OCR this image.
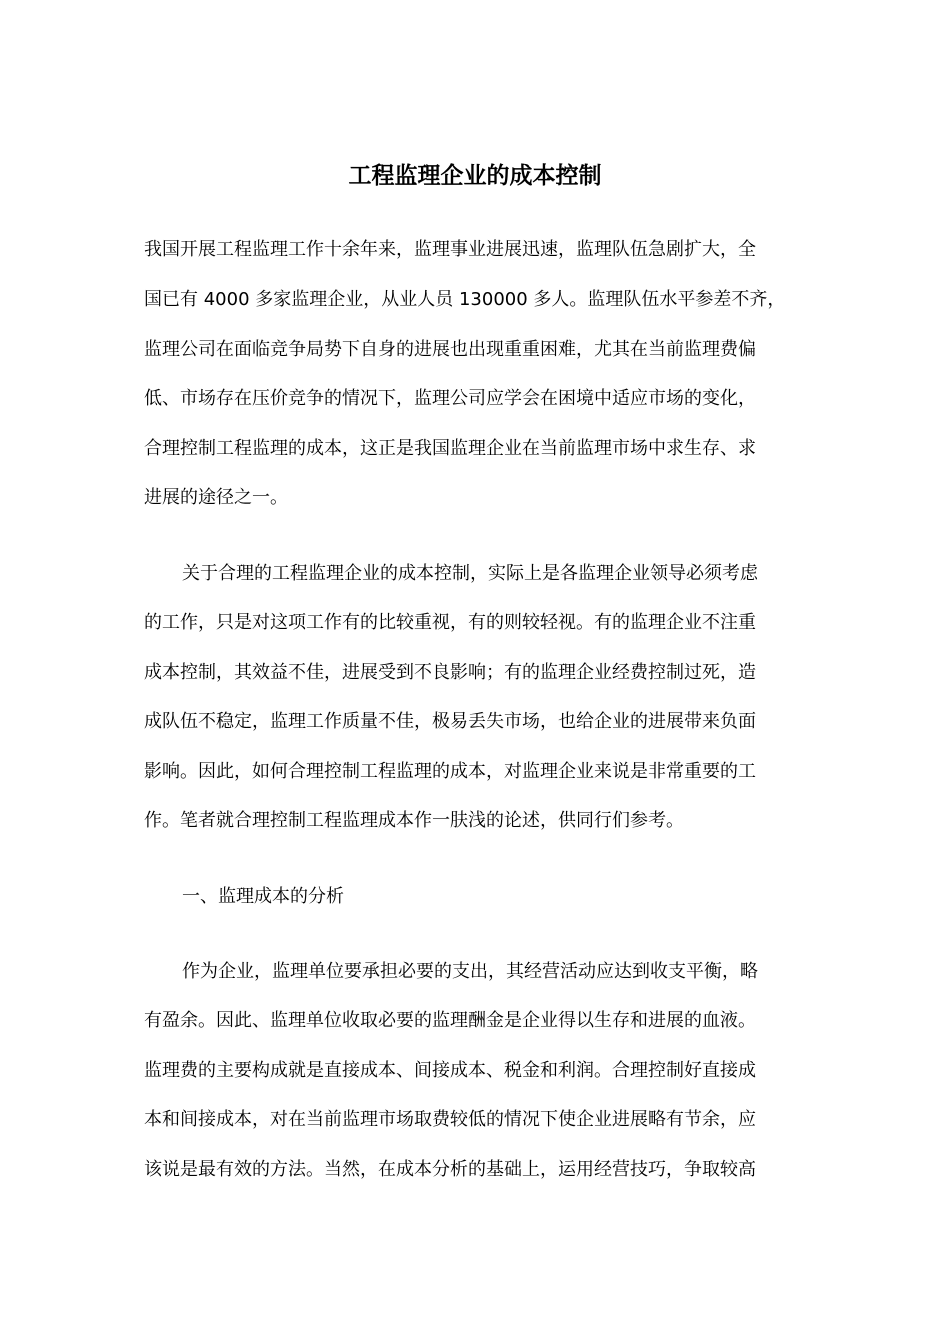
工程监理企业的成本控制
我国开展工程监理工作十余年来，监理事业进展迅速，监理队伍急剧扩大，全
国已有 4000 多家监理企业，从业人员 130000 多人。监理队伍水平参差不齐，
监理公司在面临竞争局势下自身的进展也出现重重困难，尤其在当前监理费偏
低、市场存在压价竞争的情况下，监理公司应学会在困境中适应市场的变化，
合理控制工程监理的成本，这正是我国监理企业在当前监理市场中求生存、求
进展的途径之一。
关于合理的工程监理企业的成本控制，实际上是各监理企业领导必须考虑
的工作，只是对这项工作有的比较重视，有的则较轻视。有的监理企业不注重
成本控制，其效益不佳，进展受到不良影响；有的监理企业经费控制过死，造
成队伍不稳定，监理工作质量不佳，极易丢失市场，也给企业的进展带来负面
影响。因此，如何合理控制工程监理的成本，对监理企业来说是非常重要的工
作。笔者就合理控制工程监理成本作一肤浅的论述，供同行们参考。
一、监理成本的分析
作为企业，监理单位要承担必要的支出，其经营活动应达到收支平衡，略
有盈余。因此、监理单位收取必要的监理酬金是企业得以生存和进展的血液。
监理费的主要构成就是直接成本、间接成本、税金和利润。合理控制好直接成
本和间接成本，对在当前监理市场取费较低的情况下使企业进展略有节余，应
该说是最有效的方法。当然，在成本分析的基础上，运用经营技巧，争取较高
